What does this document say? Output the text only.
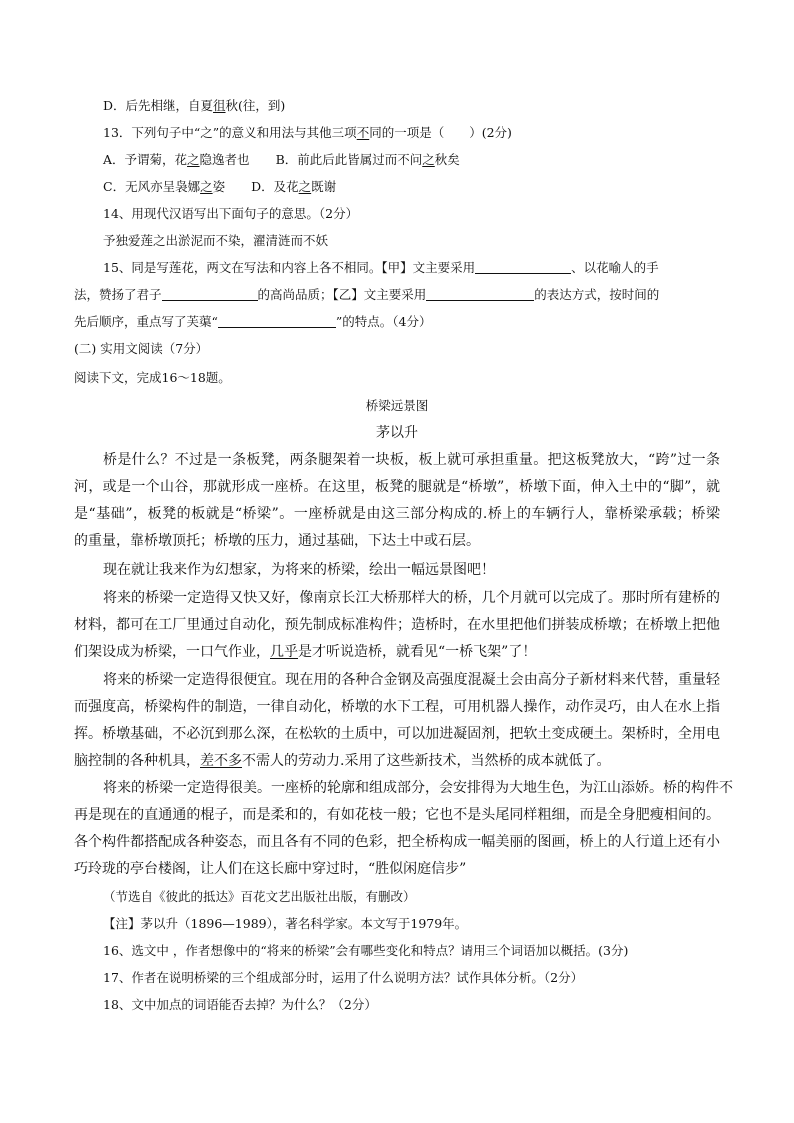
D．后先相继，自夏徂秋(往，到)
13．下列句子中“之”的意义和用法与其他三项不同的一项是（　　）(2分)
A．予谓菊，花之隐逸者也 B．前此后此皆属过而不问之秋矣
C．无风亦呈袅娜之姿 D．及花之既谢
14、用现代汉语写出下面句子的意思。（2分）
予独爱莲之出淤泥而不染，濯清涟而不妖
15、同是写莲花，两文在写法和内容上各不相同。【甲】文主要采用	、以花喻人的手
法，赞扬了君子	的高尚品质；【乙】文主要采用	的表达方式，按时间的
先后顺序，重点写了芙蕖“	”的特点。（4分）
(二) 实用文阅读（7分）
阅读下文，完成16～18题。
桥梁远景图
茅以升
桥是什么？不过是一条板凳，两条腿架着一块板，板上就可承担重量。把这板凳放大，“跨”过一条
河，或是一个山谷，那就形成一座桥。在这里，板凳的腿就是“桥墩”，桥墩下面，伸入土中的“脚”，就
是“基础”，板凳的板就是“桥梁”。一座桥就是由这三部分构成的.桥上的车辆行人，靠桥梁承载；桥梁
的重量，靠桥墩顶托；桥墩的压力，通过基础，下达土中或石层。
现在就让我来作为幻想家，为将来的桥梁，绘出一幅远景图吧！
将来的桥梁一定造得又快又好，像南京长江大桥那样大的桥，几个月就可以完成了。那时所有建桥的
材料，都可在工厂里通过自动化，预先制成标准构件；造桥时，在水里把他们拼装成桥墩；在桥墩上把他
们架设成为桥梁，一口气作业，几乎是才听说造桥，就看见“一桥飞架”了！
将来的桥梁一定造得很便宜。现在用的各种合金钢及高强度混凝土会由高分子新材料来代替，重量轻
而强度高，桥梁构件的制造，一律自动化，桥墩的水下工程，可用机器人操作，动作灵巧，由人在水上指
挥。桥墩基础，不必沉到那么深，在松软的土质中，可以加进凝固剂，把软土变成硬土。架桥时，全用电
脑控制的各种机具，差不多不需人的劳动力.采用了这些新技术，当然桥的成本就低了。
将来的桥梁一定造得很美。一座桥的轮廓和组成部分，会安排得为大地生色，为江山添娇。桥的构件不
再是现在的直通通的棍子，而是柔和的，有如花枝一般；它也不是头尾同样粗细，而是全身肥瘦相间的。
各个构件都搭配成各种姿态，而且各有不同的色彩，把全桥构成一幅美丽的图画，桥上的人行道上还有小
巧玲珑的亭台楼阁，让人们在这长廊中穿过时，“胜似闲庭信步”
（节选自《彼此的抵达》百花文艺出版社出版，有删改）
【注】茅以升（1896—1989），著名科学家。本文写于1979年。
16、选文中 ，作者想像中的“将来的桥梁”会有哪些变化和特点？请用三个词语加以概括。(3分)
17、作者在说明桥梁的三个组成部分时，运用了什么说明方法？试作具体分析。（2分）
18、文中加点的词语能否去掉？为什么？（2分）
